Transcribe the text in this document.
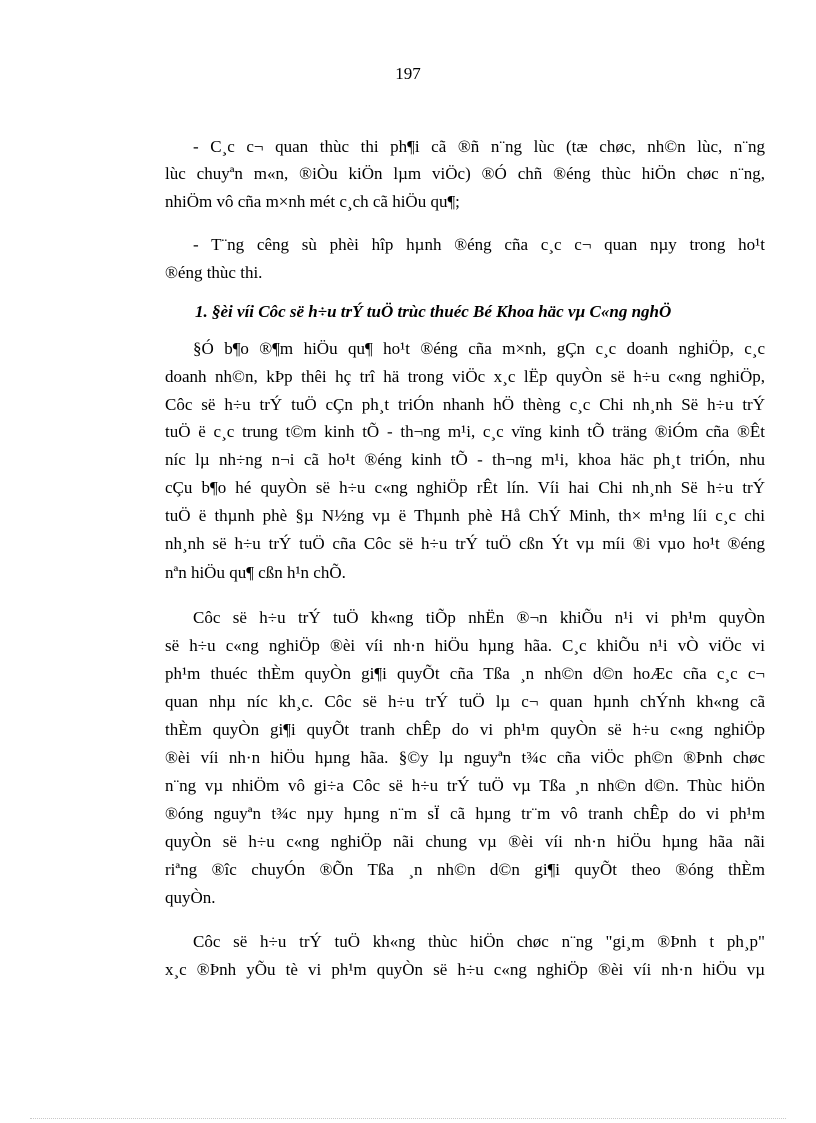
197
- C¸c c¬ quan thùc thi ph¶i cã ®ñ n¨ng lùc (tæ chøc, nh©n lùc, n¨ng
lùc chuyªn m«n, ®iÒu kiÖn lµm viÖc) ®Ó chñ ®éng thùc hiÖn chøc n¨ng,
nhiÖm vô cña m×nh mét c¸ch cã hiÖu qu¶;
- T¨ng cêng sù phèi hîp hµnh ®éng cña c¸c c¬ quan nµy trong ho¹t
®éng thùc thi.
1. §èi víi Côc së h÷u trÝ tuÖ trùc thuéc Bé Khoa häc vµ C«ng nghÖ
§Ó b¶o ®¶m hiÖu qu¶ ho¹t ®éng cña m×nh, gÇn c¸c doanh nghiÖp, c¸c
doanh nh©n, kÞp thêi hç trî hä trong viÖc x¸c lËp quyÒn së h÷u c«ng nghiÖp,
Côc së h÷u trÝ tuÖ cÇn ph¸t triÓn nhanh hÖ thèng c¸c Chi nh¸nh Së h÷u trÝ
tuÖ ë c¸c trung t©m kinh tÕ - th¬ng m¹i, c¸c vïng kinh tÕ träng ®iÓm cña ®Êt
níc lµ nh÷ng n¬i cã ho¹t ®éng kinh tÕ - th¬ng m¹i, khoa häc ph¸t triÓn, nhu
cÇu b¶o hé quyÒn së h÷u c«ng nghiÖp rÊt lín. Víi hai Chi nh¸nh Së h÷u trÝ
tuÖ ë thµnh phè §µ N½ng vµ ë Thµnh phè Hå ChÝ Minh, th× m¹ng líi c¸c chi
nh¸nh së h÷u trÝ tuÖ cña Côc së h÷u trÝ tuÖ cßn Ýt vµ míi ®i vµo ho¹t ®éng
nªn hiÖu qu¶ cßn h¹n chÕ.
Côc së h÷u trÝ tuÖ kh«ng tiÕp nhËn ®¬n khiÕu n¹i vi ph¹m quyÒn
së h÷u c«ng nghiÖp ®èi víi nh·n hiÖu hµng hãa. C¸c khiÕu n¹i vÒ viÖc vi
ph¹m thuéc thÈm quyÒn gi¶i quyÕt cña Tßa ¸n nh©n d©n hoÆc cña c¸c c¬
quan nhµ níc kh¸c. Côc së h÷u trÝ tuÖ lµ c¬ quan hµnh chÝnh kh«ng cã
thÈm quyÒn gi¶i quyÕt tranh chÊp do vi ph¹m quyÒn së h÷u c«ng nghiÖp
®èi víi nh·n hiÖu hµng hãa. §©y lµ nguyªn t¾c cña viÖc ph©n ®Þnh chøc
n¨ng vµ nhiÖm vô gi÷a Côc së h÷u trÝ tuÖ vµ Tßa ¸n nh©n d©n. Thùc hiÖn
®óng nguyªn t¾c nµy hµng n¨m sÏ cã hµng tr¨m vô tranh chÊp do vi ph¹m
quyÒn së h÷u c«ng nghiÖp nãi chung vµ ®èi víi nh·n hiÖu hµng hãa nãi
riªng ®îc chuyÓn ®Õn Tßa ¸n nh©n d©n gi¶i quyÕt theo ®óng thÈm
quyÒn.
Côc së h÷u trÝ tuÖ kh«ng thùc hiÖn chøc n¨ng "gi¸m ®Þnh t ph¸p"
x¸c ®Þnh yÕu tè vi ph¹m quyÒn së h÷u c«ng nghiÖp ®èi víi nh·n hiÖu vµ
